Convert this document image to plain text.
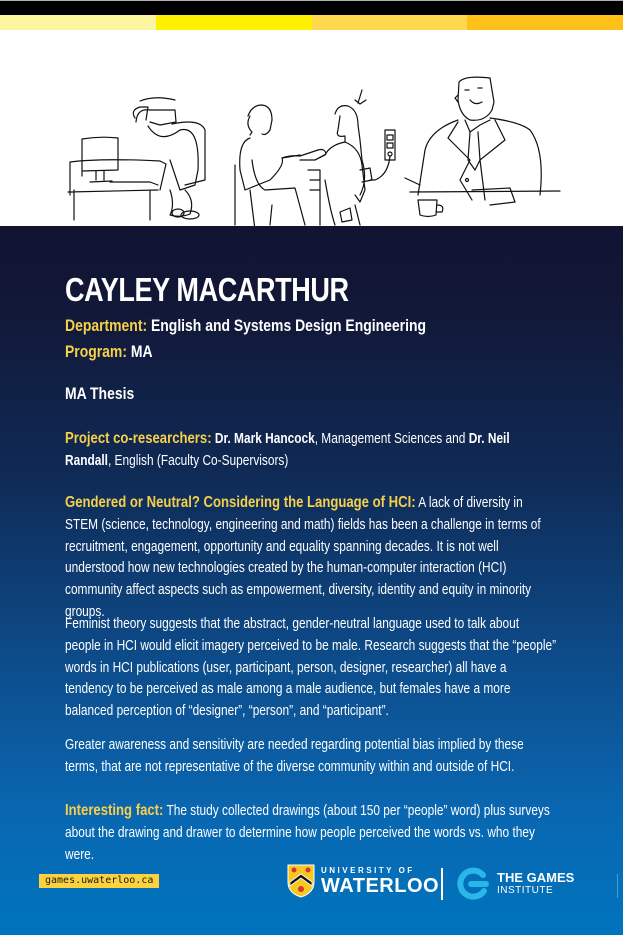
CAYLEY MACARTHUR
Department: English and Systems Design Engineering
Program: MA
MA Thesis
Project co-researchers: Dr. Mark Hancock, Management Sciences and Dr. Neil
Randall, English (Faculty Co-Supervisors)
Gendered or Neutral? Considering the Language of HCI: A lack of diversity in STEM (science, technology, engineering and math) fields has been a challenge in terms of recruitment, engagement, opportunity and equality spanning decades. It is not well understood how new technologies created by the human-computer interaction (HCI) community affect aspects such as empowerment, diversity, identity and equity in minority groups.
Feminist theory suggests that the abstract, gender-neutral language used to talk about people in HCI would elicit imagery perceived to be male. Research suggests that the “people” words in HCI publications (user, participant, person, designer, researcher) all have a tendency to be perceived as male among a male audience, but females have a more balanced perception of “designer”, “person”, and “participant”.
Greater awareness and sensitivity are needed regarding potential bias implied by these terms, that are not representative of the diverse community within and outside of HCI.
Interesting fact: The study collected drawings (about 150 per “people” word) plus surveys about the drawing and drawer to determine how people perceived the words vs. who they were.
games.uwaterloo.ca
UNIVERSITY OF
WATERLOO	THE GAMES
INSTITUTE
